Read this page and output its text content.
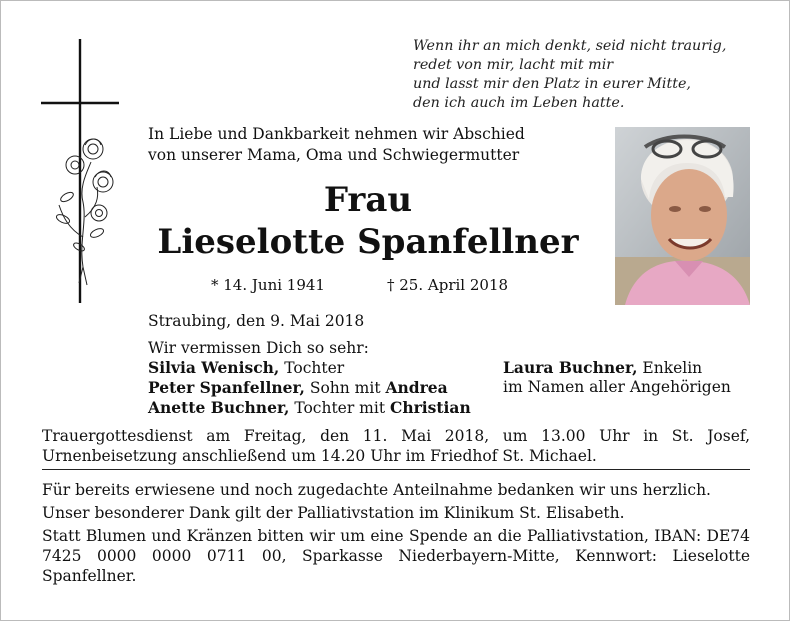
Wenn ihr an mich denkt, seid nicht traurig,
redet von mir, lacht mit mir
und lasst mir den Platz in eurer Mitte,
den ich auch im Leben hatte.
In Liebe und Dankbarkeit nehmen wir Abschied
von unserer Mama, Oma und Schwiegermutter
Frau
Lieselotte Spanfellner
* 14. Juni 1941	† 25. April 2018
Straubing, den 9. Mai 2018
Wir vermissen Dich so sehr:
Silvia Wenisch, Tochter
Peter Spanfellner, Sohn mit Andrea
Anette Buchner, Tochter mit Christian
Laura Buchner, Enkelin
im Namen aller Angehörigen
Trauergottesdienst am Freitag, den 11. Mai 2018, um 13.00 Uhr in St. Josef,
Urnenbeisetzung anschließend um 14.20 Uhr im Friedhof St. Michael.

Für bereits erwiesene und noch zugedachte Anteilnahme bedanken wir uns herzlich.

Unser besonderer Dank gilt der Palliativstation im Klinikum St. Elisabeth.

Statt Blumen und Kränzen bitten wir um eine Spende an die Palliativstation, IBAN: DE74 7425 0000 0000 0711 00, Sparkasse Niederbayern-Mitte, Kennwort: Lieselotte Spanfellner.
